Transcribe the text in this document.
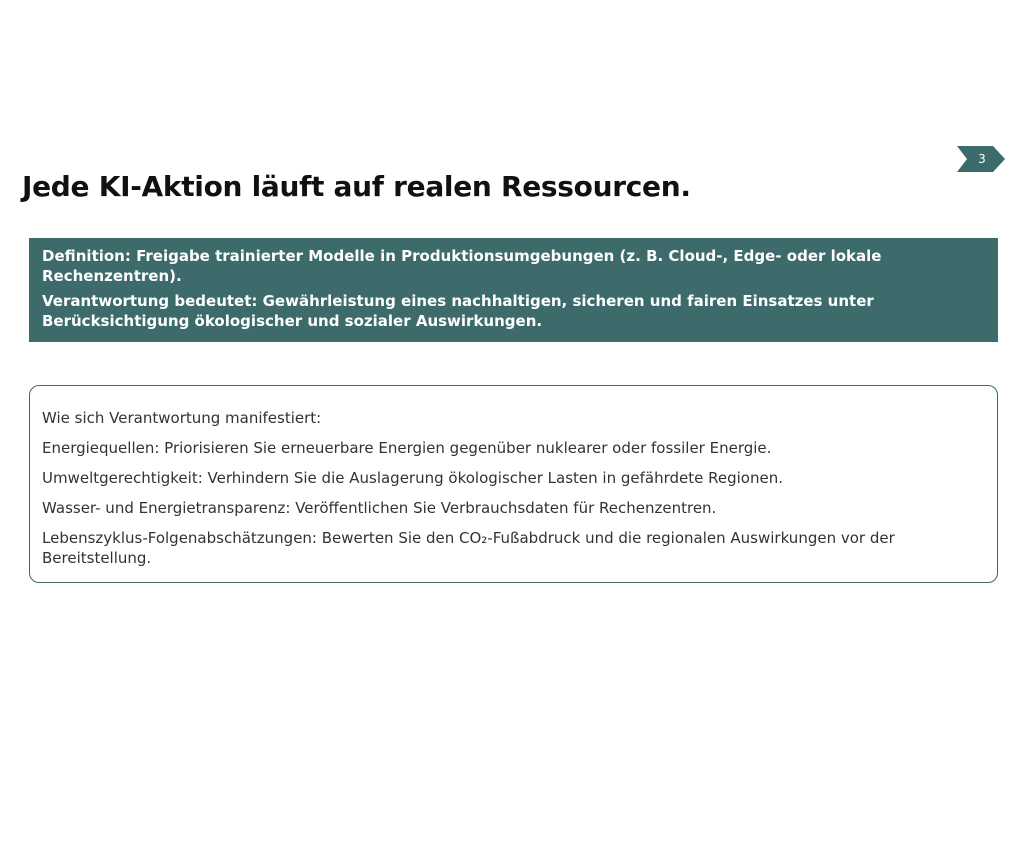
3
Jede KI-Aktion läuft auf realen Ressourcen.

Definition: Freigabe trainierter Modelle in Produktionsumgebungen (z. B. Cloud-, Edge- oder lokale Rechenzentren).

Verantwortung bedeutet: Gewährleistung eines nachhaltigen, sicheren und fairen Einsatzes unter Berücksichtigung ökologischer und sozialer Auswirkungen.

Wie sich Verantwortung manifestiert:

Energiequellen: Priorisieren Sie erneuerbare Energien gegenüber nuklearer oder fossiler Energie.

Umweltgerechtigkeit: Verhindern Sie die Auslagerung ökologischer Lasten in gefährdete Regionen.

Wasser- und Energietransparenz: Veröffentlichen Sie Verbrauchsdaten für Rechenzentren.

Lebenszyklus-Folgenabschätzungen: Bewerten Sie den CO₂-Fußabdruck und die regionalen Auswirkungen vor der Bereitstellung.
